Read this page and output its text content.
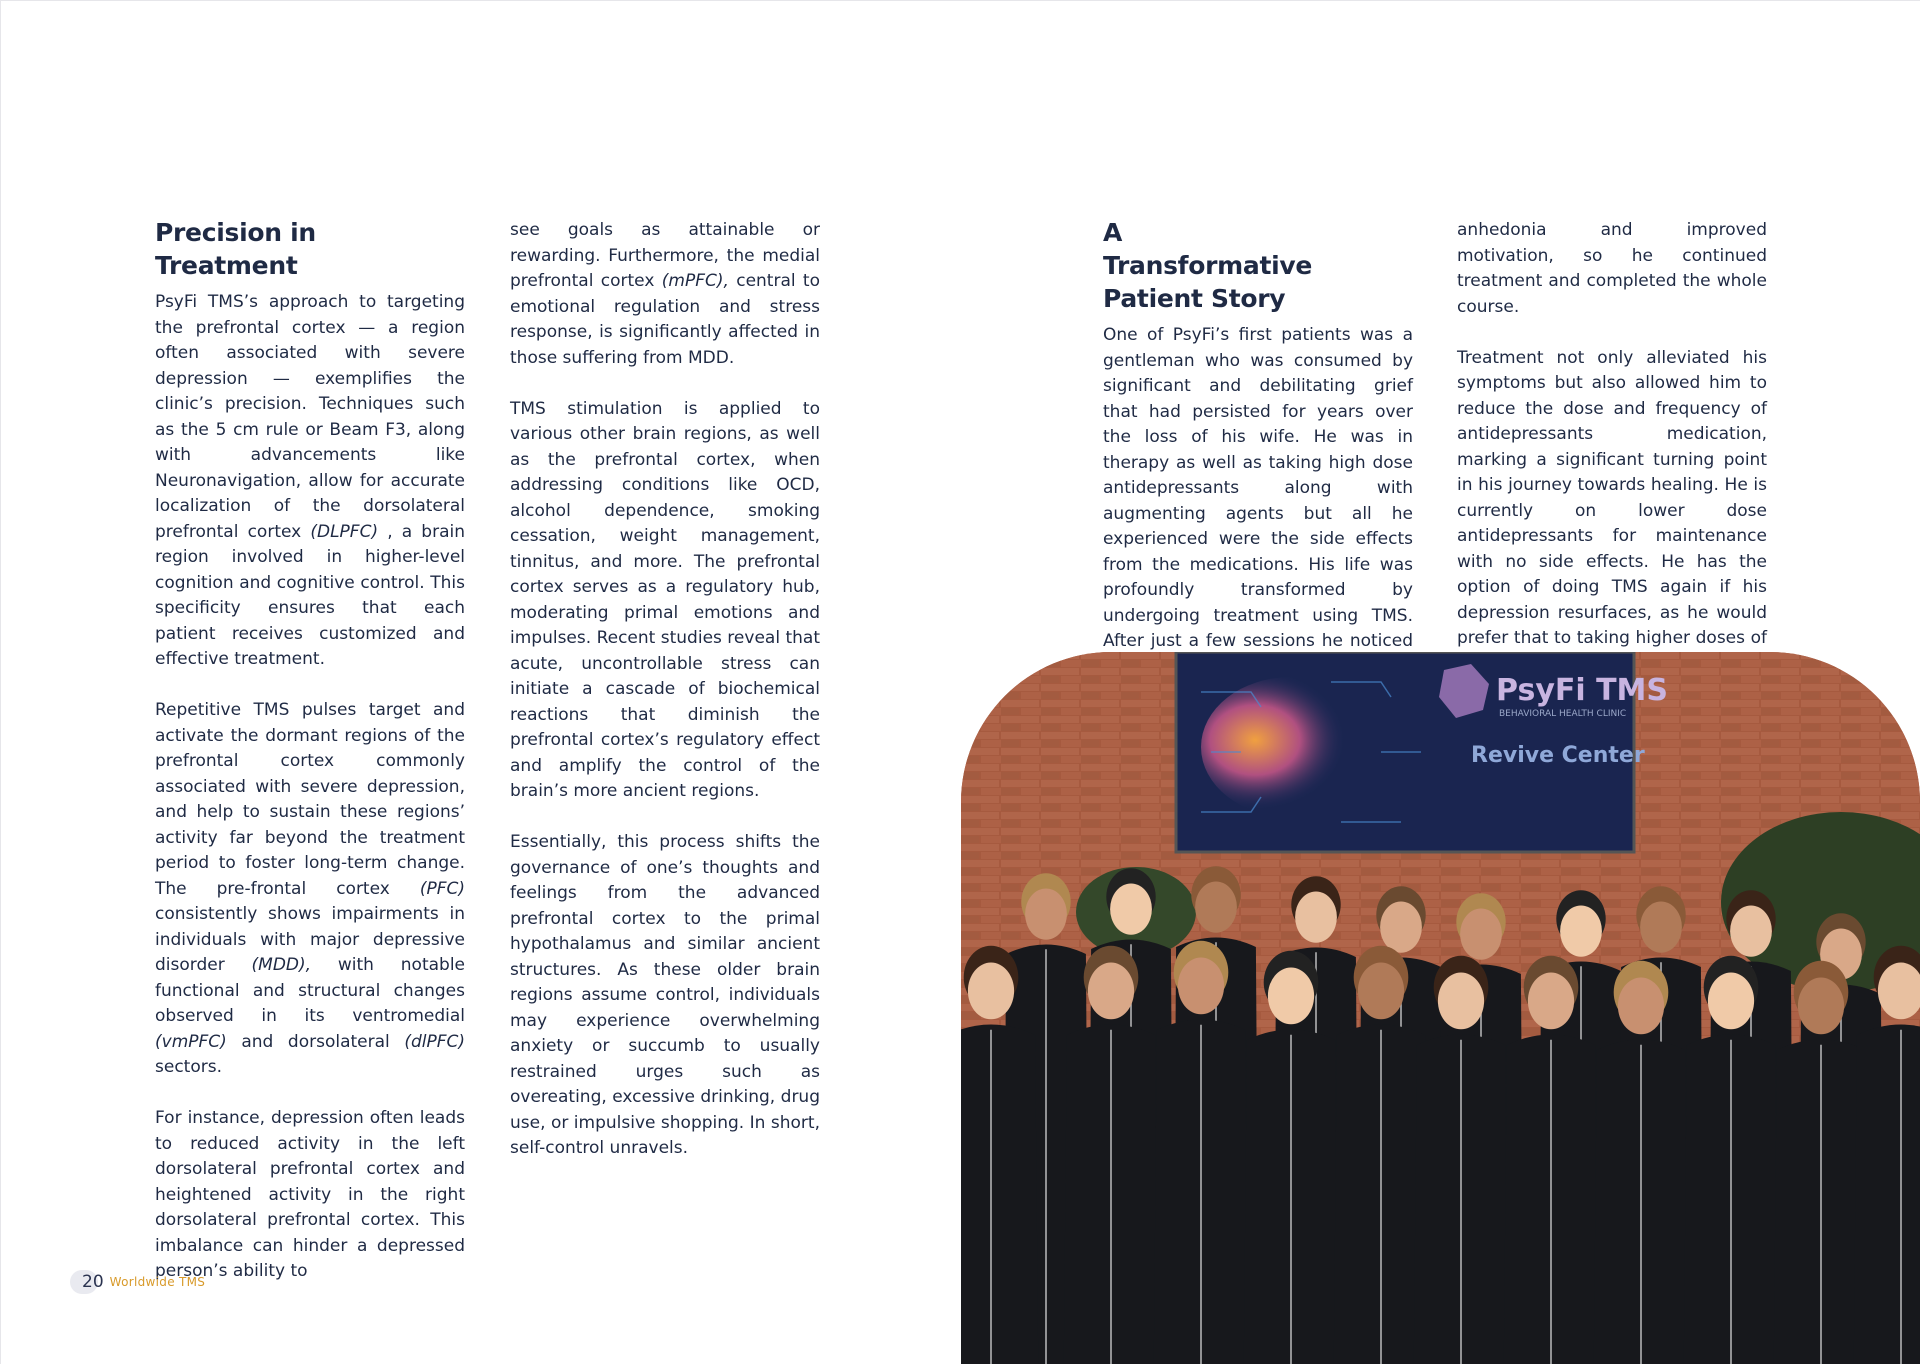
Precision in Treatment

PsyFi TMS’s approach to targeting the prefrontal cortex — a region often associated with severe depression — exemplifies the clinic’s precision. Techniques such as the 5 cm rule or Beam F3, along with advancements like Neuronavigation, allow for accurate localization of the dorsolateral prefrontal cortex (DLPFC) , a brain region involved in higher-level cognition and cognitive control. This specificity ensures that each patient receives customized and effective treatment.

Repetitive TMS pulses target and activate the dormant regions of the prefrontal cortex commonly associated with severe depression, and help to sustain these regions’ activity far beyond the treatment period to foster long-term change. The pre-frontal cortex (PFC) consistently shows impairments in individuals with major depressive disorder (MDD), with notable functional and structural changes observed in its ventromedial (vmPFC) and dorsolateral (dlPFC) sectors.

For instance, depression often leads to reduced activity in the left dorsolateral prefrontal cortex and heightened activity in the right dorsolateral prefrontal cortex. This imbalance can hinder a depressed person’s ability to

see goals as attainable or rewarding. Furthermore, the medial prefrontal cortex (mPFC), central to emotional regulation and stress response, is significantly affected in those suffering from MDD.

TMS stimulation is applied to various other brain regions, as well as the prefrontal cortex, when addressing conditions like OCD, alcohol dependence, smoking cessation, weight management, tinnitus, and more. The prefrontal cortex serves as a regulatory hub, moderating primal emotions and impulses. Recent studies reveal that acute, uncontrollable stress can initiate a cascade of biochemical reactions that diminish the prefrontal cortex’s regulatory effect and amplify the control of the brain’s more ancient regions.

Essentially, this process shifts the governance of one’s thoughts and feelings from the advanced prefrontal cortex to the primal hypothalamus and similar ancient structures. As these older brain regions assume control, individuals may experience overwhelming anxiety or succumb to usually restrained urges such as overeating, excessive drinking, drug use, or impulsive shopping. In short, self-control unravels.

A Transformative Patient Story

One of PsyFi’s first patients was a gentleman who was consumed by significant and debilitating grief that had persisted for years over the loss of his wife. He was in therapy as well as taking high dose antidepressants along with augmenting agents but all he experienced were the side effects from the medications. His life was profoundly transformed by undergoing treatment using TMS. After just a few sessions he noticed

anhedonia and improved motivation, so he continued treatment and completed the whole course.

Treatment not only alleviated his symptoms but also allowed him to reduce the dose and frequency of antidepressants medication, marking a significant turning point in his journey towards healing. He is currently on lower dose antidepressants for maintenance with no side effects. He has the option of doing TMS again if his depression resurfaces, as he would prefer that to taking higher doses of

20 Worldwide TMS
PsyFi TMS
BEHAVIORAL HEALTH CLINIC
Revive Center
